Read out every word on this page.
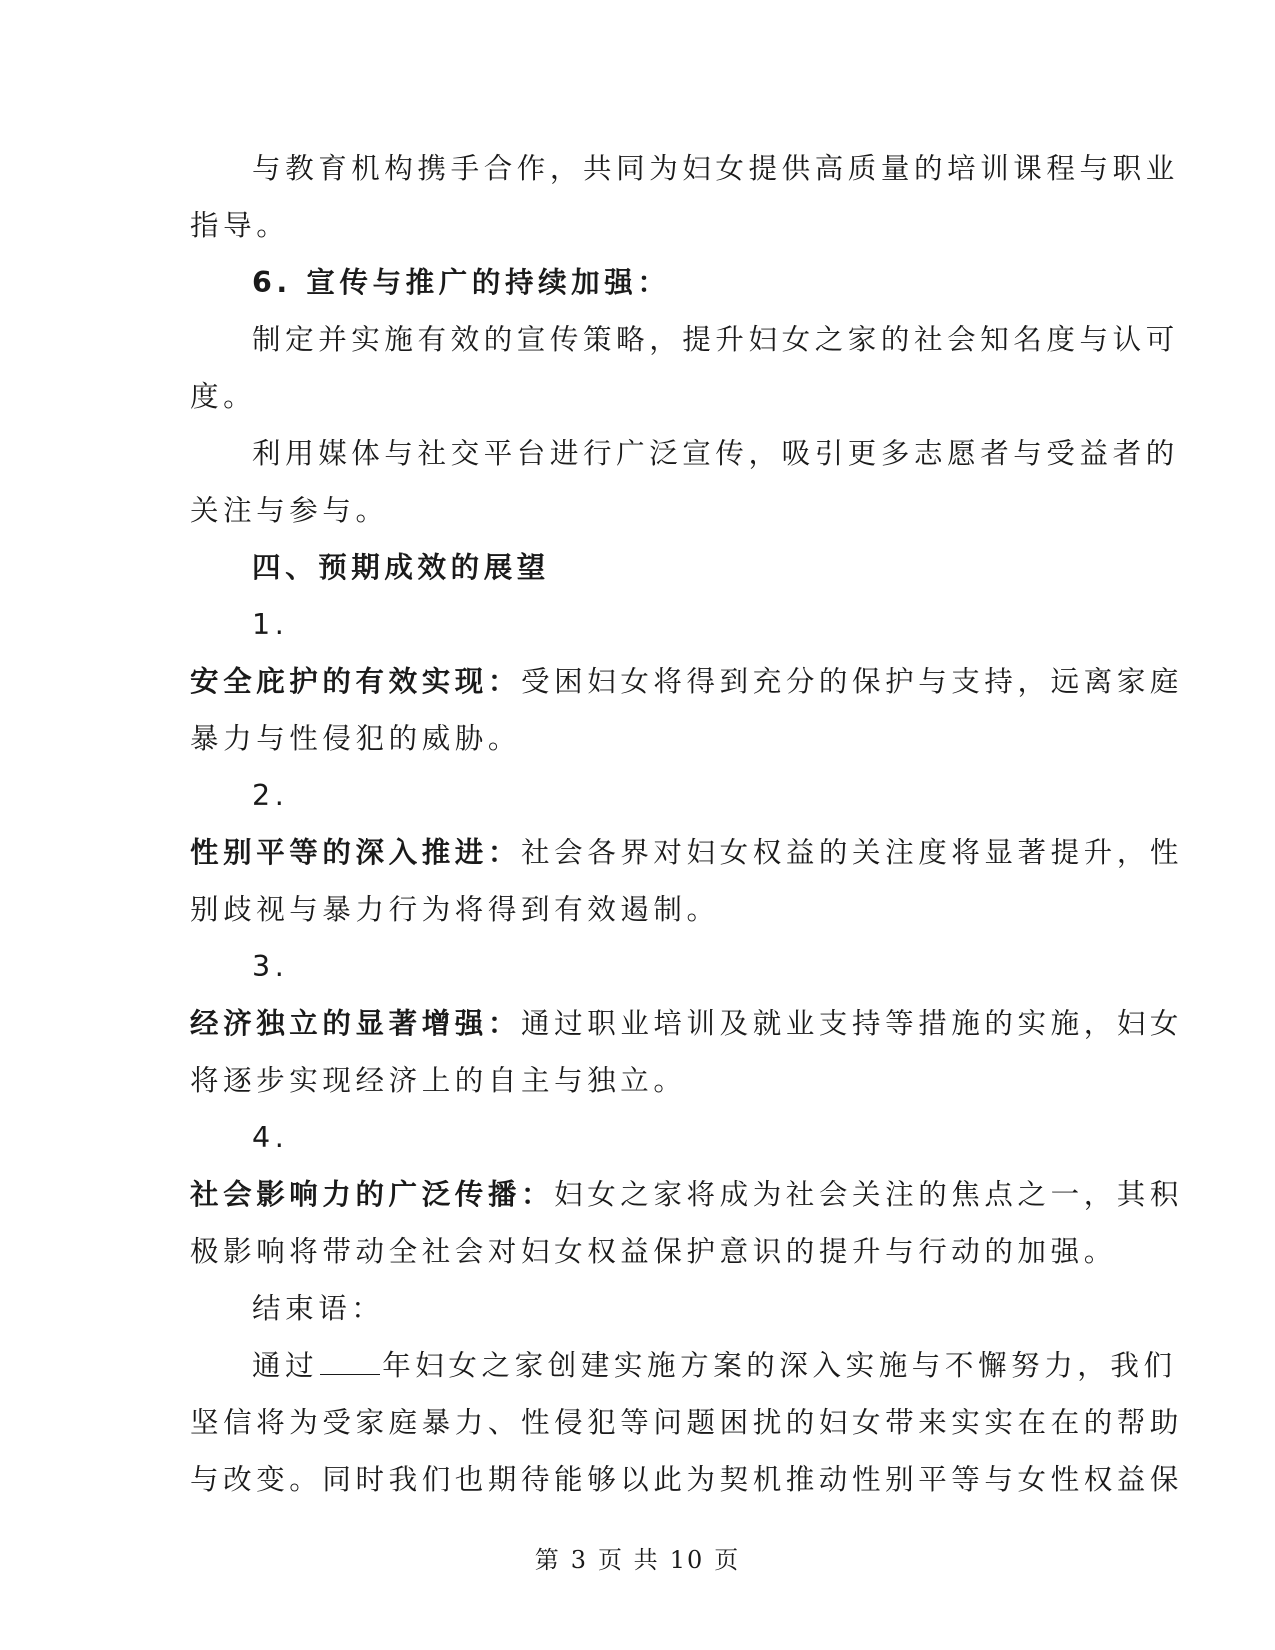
与教育机构携手合作，共同为妇女提供高质量的培训课程与职业
指导。
6. 宣传与推广的持续加强：
制定并实施有效的宣传策略，提升妇女之家的社会知名度与认可
度。
利用媒体与社交平台进行广泛宣传，吸引更多志愿者与受益者的
关注与参与。
四、预期成效的展望
1.
安全庇护的有效实现：受困妇女将得到充分的保护与支持，远离家庭
暴力与性侵犯的威胁。
2.
性别平等的深入推进：社会各界对妇女权益的关注度将显著提升，性
别歧视与暴力行为将得到有效遏制。
3.
经济独立的显著增强：通过职业培训及就业支持等措施的实施，妇女
将逐步实现经济上的自主与独立。
4.
社会影响力的广泛传播：妇女之家将成为社会关注的焦点之一，其积
极影响将带动全社会对妇女权益保护意识的提升与行动的加强。
结束语：
通过 年妇女之家创建实施方案的深入实施与不懈努力，我们
坚信将为受家庭暴力、性侵犯等问题困扰的妇女带来实实在在的帮助
与改变。同时我们也期待能够以此为契机推动性别平等与女性权益保
第 3 页 共 10 页
